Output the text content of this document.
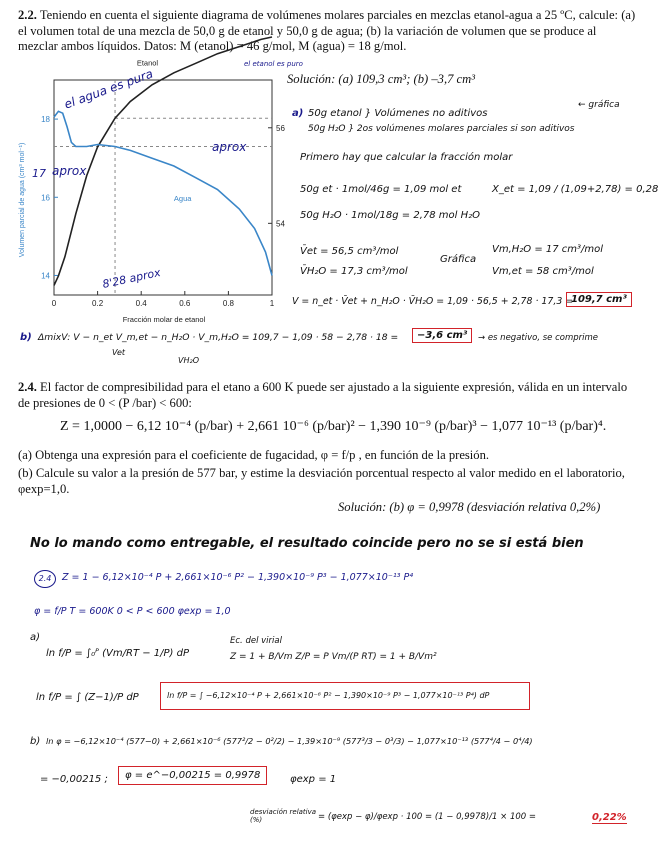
2.2. Teniendo en cuenta el siguiente diagrama de volúmenes molares parciales en mezclas etanol-agua a 25 ºC, calcule: (a) el volumen total de una mezcla de 50,0 g de etanol y 50,0 g de agua; (b) la variación de volumen que se produce al mezclar ambos líquidos. Datos: M (etanol) = 46 g/mol, M (agua) = 18 g/mol.
Volumen parcial de agua (cm³ mol⁻¹)
Fracción molar de etanol
0	0.2	0.4	0.6	0.8	1
14
16
18
54
56
Etanol
Agua
el agua es pura
el etanol es puro
aprox
aprox
17
8'28 aprox
Solución: (a) 109,3 cm³; (b) –3,7 cm³
a) 50g etanol } Volúmenes no aditivos
50g H₂O } 2os volúmenes molares parciales si son aditivos
← gráfica
Primero hay que calcular la fracción molar
50g et · 1mol/46g = 1,09 mol et	X_et = 1,09 / (1,09+2,78) = 0,28
50g H₂O · 1mol/18g = 2,78 mol H₂O
V̄et = 56,5 cm³/mol
V̄H₂O = 17,3 cm³/mol
Gráfica
Vm,H₂O = 17 cm³/mol
Vm,et = 58 cm³/mol
V = n_et · V̄et + n_H₂O · V̄H₂O = 1,09 · 56,5 + 2,78 · 17,3 =
109,7 cm³
b) ΔmixV: V − n_et V_m,et − n_H₂O · V_m,H₂O = 109,7 − 1,09 · 58 − 2,78 · 18 =
Vet
VH₂O
−3,6 cm³	→ es negativo, se comprime
2.4. El factor de compresibilidad para el etano a 600 K puede ser ajustado a la siguiente expresión, válida en un intervalo de presiones de 0 < (P /bar) < 600:
Z = 1,0000 − 6,12 10⁻⁴ (p/bar) + 2,661 10⁻⁶ (p/bar)² − 1,390 10⁻⁹ (p/bar)³ − 1,077 10⁻¹³ (p/bar)⁴.
(a) Obtenga una expresión para el coeficiente de fugacidad, φ = f/p , en función de la presión.
(b) Calcule su valor a la presión de 577 bar, y estime la desviación porcentual respecto al valor medido en el laboratorio, φexp=1,0.
Solución: (b) φ = 0,9978 (desviación relativa 0,2%)
No lo mando como entregable, el resultado coincide pero no se si está bien
2.4	Z = 1 − 6,12×10⁻⁴ P + 2,661×10⁻⁶ P² − 1,390×10⁻⁹ P³ − 1,077×10⁻¹³ P⁴
φ = f/P T = 600K 0 < P < 600 φexp = 1,0
a)
ln f/P = ∫₀ᴾ (Vm/RT − 1/P) dP
Ec. del virial
Z = 1 + B/Vm Z/P = P Vm/(P RT) = 1 + B/Vm²
ln f/P = ∫ (Z−1)/P dP	ln f/P = ∫ −6,12×10⁻⁴ P + 2,661×10⁻⁶ P² − 1,390×10⁻⁹ P³ − 1,077×10⁻¹³ P⁴) dP
b) ln φ = −6,12×10⁻⁴ (577−0) + 2,661×10⁻⁶ (577²/2 − 0²/2) − 1,39×10⁻⁹ (577³/3 − 0³/3) − 1,077×10⁻¹³ (577⁴/4 − 0⁴/4)
= −0,00215 ;	φ = e^−0,00215 = 0,9978	φexp = 1
desviación relativa (%)	= (φexp − φ)/φexp · 100 = (1 − 0,9978)/1 × 100 =	0,22%
